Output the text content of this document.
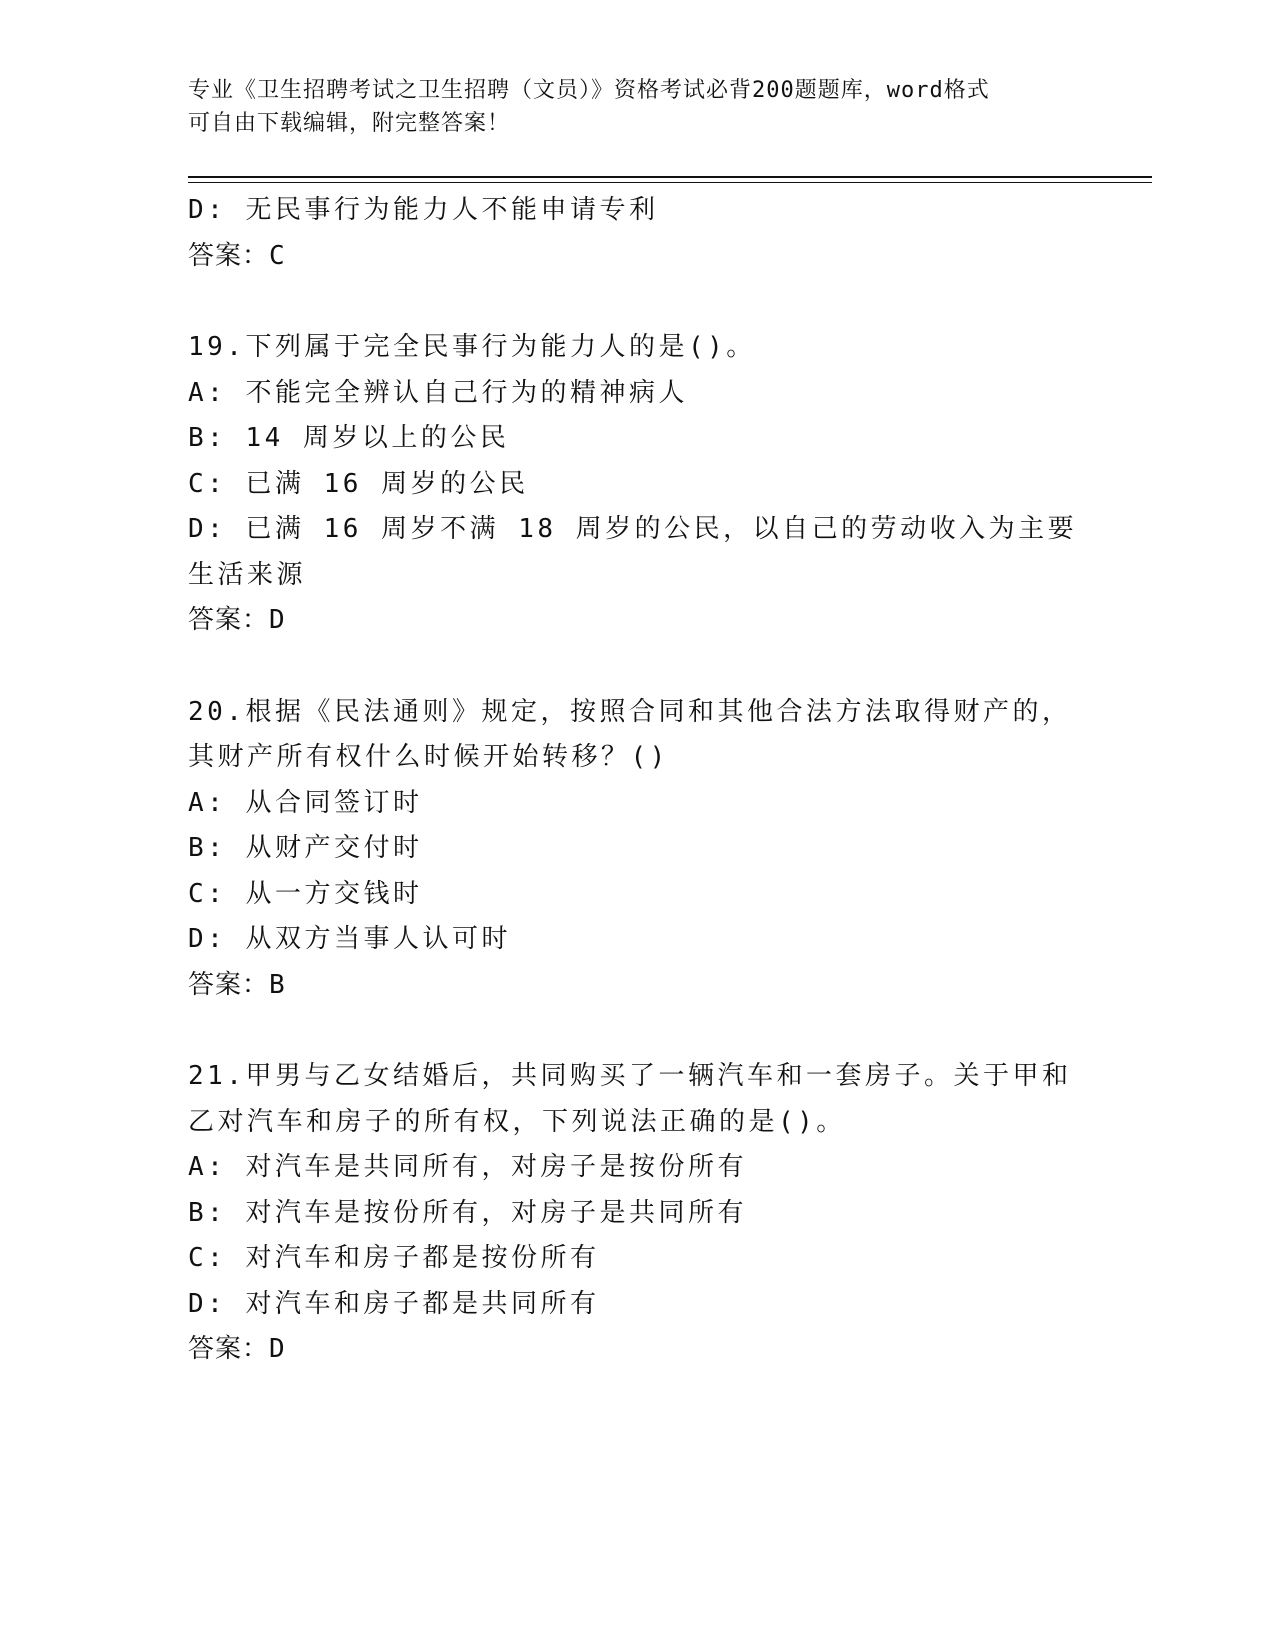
专业《卫生招聘考试之卫生招聘（文员）》资格考试必背200题题库，word格式
可自由下载编辑，附完整答案！
D: 无民事行为能力人不能申请专利
答案：C
19.下列属于完全民事行为能力人的是()。
A: 不能完全辨认自己行为的精神病人
B: 14 周岁以上的公民
C: 已满 16 周岁的公民
D: 已满 16 周岁不满 18 周岁的公民，以自己的劳动收入为主要生活来源
答案：D
20.根据《民法通则》规定，按照合同和其他合法方法取得财产的，其财产所有权什么时候开始转移？()
A: 从合同签订时
B: 从财产交付时
C: 从一方交钱时
D: 从双方当事人认可时
答案：B
21.甲男与乙女结婚后，共同购买了一辆汽车和一套房子。关于甲和乙对汽车和房子的所有权，下列说法正确的是()。
A: 对汽车是共同所有，对房子是按份所有
B: 对汽车是按份所有，对房子是共同所有
C: 对汽车和房子都是按份所有
D: 对汽车和房子都是共同所有
答案：D
